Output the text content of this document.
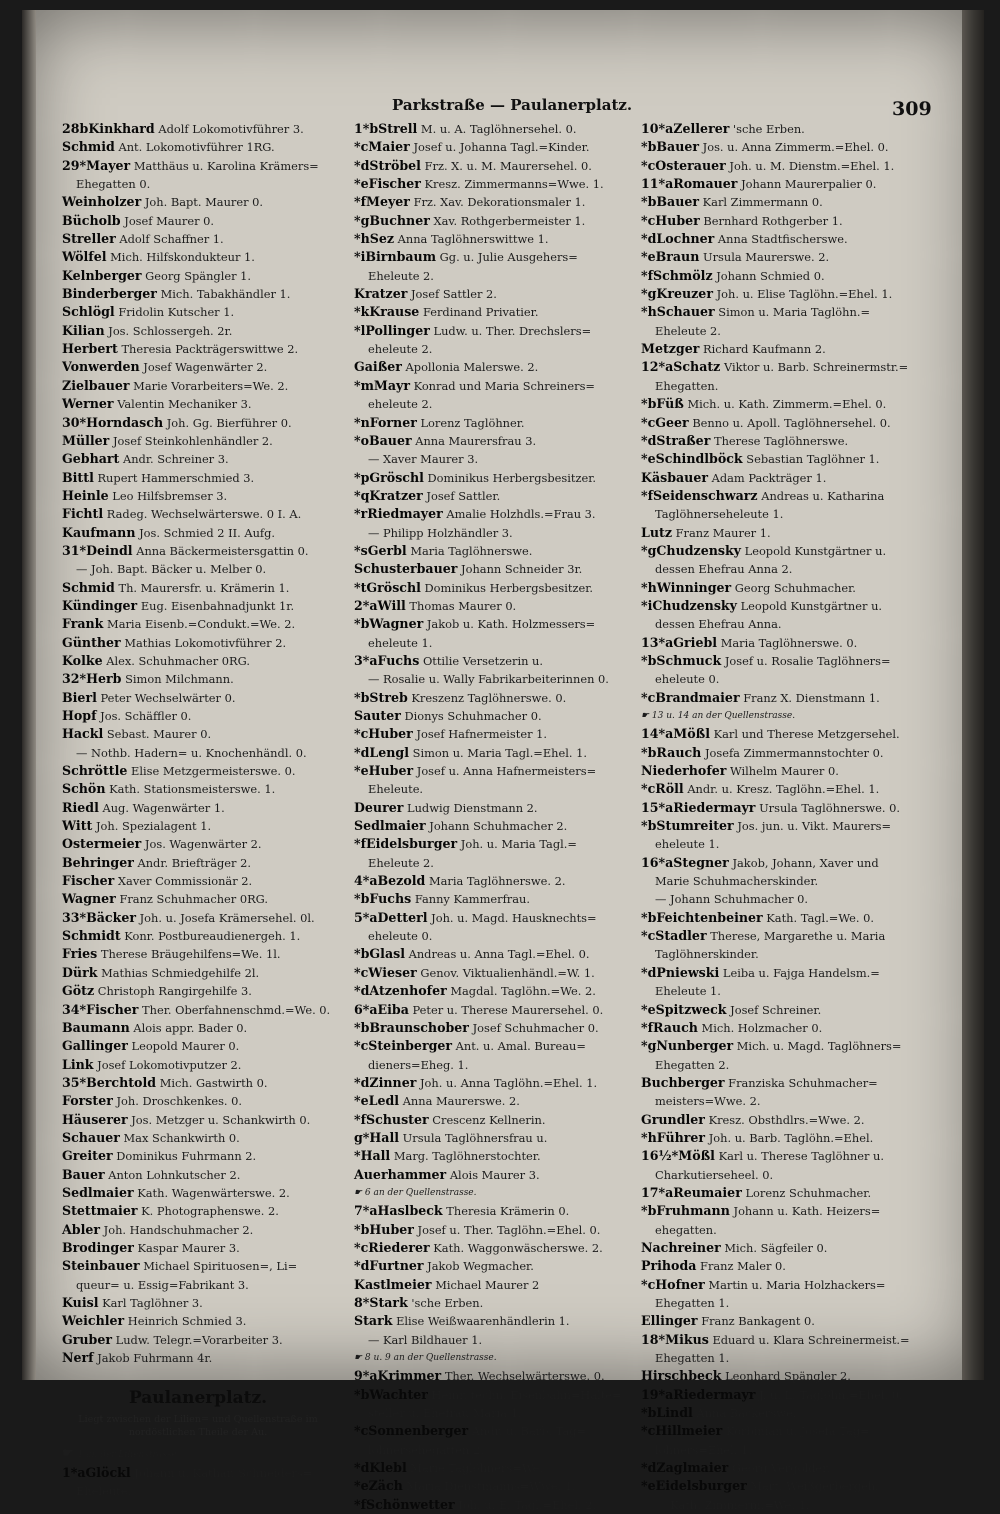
Parkstraße — Paulanerplatz.	309
28bKinkhard Adolf Lokomotivführer 3.
Schmid Ant. Lokomotivführer 1RG.
29*Mayer Matthäus u. Karolina Krämers=
Ehegatten 0.
Weinholzer Joh. Bapt. Maurer 0.
Bücholb Josef Maurer 0.
Streller Adolf Schaffner 1.
Wölfel Mich. Hilfskondukteur 1.
Kelnberger Georg Spängler 1.
Binderberger Mich. Tabakhändler 1.
Schlögl Fridolin Kutscher 1.
Kilian Jos. Schlossergeh. 2r.
Herbert Theresia Packträgerswittwe 2.
Vonwerden Josef Wagenwärter 2.
Zielbauer Marie Vorarbeiters=We. 2.
Werner Valentin Mechaniker 3.
30*Horndasch Joh. Gg. Bierführer 0.
Müller Josef Steinkohlenhändler 2.
Gebhart Andr. Schreiner 3.
Bittl Rupert Hammerschmied 3.
Heinle Leo Hilfsbremser 3.
Fichtl Radeg. Wechselwärterswe. 0 I. A.
Kaufmann Jos. Schmied 2 II. Aufg.
31*Deindl Anna Bäckermeistersgattin 0.
— Joh. Bapt. Bäcker u. Melber 0.
Schmid Th. Maurersfr. u. Krämerin 1.
Kündinger Eug. Eisenbahnadjunkt 1r.
Frank Maria Eisenb.=Condukt.=We. 2.
Günther Mathias Lokomotivführer 2.
Kolke Alex. Schuhmacher 0RG.
32*Herb Simon Milchmann.
Bierl Peter Wechselwärter 0.
Hopf Jos. Schäffler 0.
Hackl Sebast. Maurer 0.
— Nothb. Hadern= u. Knochenhändl. 0.
Schröttle Elise Metzgermeisterswe. 0.
Schön Kath. Stationsmeisterswe. 1.
Riedl Aug. Wagenwärter 1.
Witt Joh. Spezialagent 1.
Ostermeier Jos. Wagenwärter 2.
Behringer Andr. Briefträger 2.
Fischer Xaver Commissionär 2.
Wagner Franz Schuhmacher 0RG.
33*Bäcker Joh. u. Josefa Krämersehel. 0l.
Schmidt Konr. Postbureaudienergeh. 1.
Fries Therese Bräugehilfens=We. 1l.
Dürk Mathias Schmiedgehilfe 2l.
Götz Christoph Rangirgehilfe 3.
34*Fischer Ther. Oberfahnenschmd.=We. 0.
Baumann Alois appr. Bader 0.
Gallinger Leopold Maurer 0.
Link Josef Lokomotivputzer 2.
35*Berchtold Mich. Gastwirth 0.
Forster Joh. Droschkenkes. 0.
Häuserer Jos. Metzger u. Schankwirth 0.
Schauer Max Schankwirth 0.
Greiter Dominikus Fuhrmann 2.
Bauer Anton Lohnkutscher 2.
Sedlmaier Kath. Wagenwärterswe. 2.
Stettmaier K. Photographenswe. 2.
Abler Joh. Handschuhmacher 2.
Brodinger Kaspar Maurer 3.
Steinbauer Michael Spirituosen=, Li=
queur= u. Essig=Fabrikant 3.
Kuisl Karl Taglöhner 3.
Weichler Heinrich Schmied 3.
Gruber Ludw. Telegr.=Vorarbeiter 3.
Nerf Jakob Fuhrmann 4r.
Paulanerplatz.
Liegt zwischen der Lilien= und Quellenstraße im
nordöstlichen Theile der Au.
☛ 1 an der Lilienstrasse.
1*aGlöckl Johann u. Kathar. Schneiders=
Eheleute.
1*bStrell M. u. A. Taglöhnersehel. 0.
*cMaier Josef u. Johanna Tagl.=Kinder.
*dStröbel Frz. X. u. M. Maurersehel. 0.
*eFischer Kresz. Zimmermanns=Wwe. 1.
*fMeyer Frz. Xav. Dekorationsmaler 1.
*gBuchner Xav. Rothgerbermeister 1.
*hSez Anna Taglöhnerswittwe 1.
*iBirnbaum Gg. u. Julie Ausgehers=
Eheleute 2.
Kratzer Josef Sattler 2.
*kKrause Ferdinand Privatier.
*lPollinger Ludw. u. Ther. Drechslers=
eheleute 2.
Gaißer Apollonia Malerswe. 2.
*mMayr Konrad und Maria Schreiners=
eheleute 2.
*nForner Lorenz Taglöhner.
*oBauer Anna Maurersfrau 3.
— Xaver Maurer 3.
*pGröschl Dominikus Herbergsbesitzer.
*qKratzer Josef Sattler.
*rRiedmayer Amalie Holzhdls.=Frau 3.
— Philipp Holzhändler 3.
*sGerbl Maria Taglöhnerswe.
Schusterbauer Johann Schneider 3r.
*tGröschl Dominikus Herbergsbesitzer.
2*aWill Thomas Maurer 0.
*bWagner Jakob u. Kath. Holzmessers=
eheleute 1.
3*aFuchs Ottilie Versetzerin u.
— Rosalie u. Wally Fabrikarbeiterinnen 0.
*bStreb Kreszenz Taglöhnerswe. 0.
Sauter Dionys Schuhmacher 0.
*cHuber Josef Hafnermeister 1.
*dLengl Simon u. Maria Tagl.=Ehel. 1.
*eHuber Josef u. Anna Hafnermeisters=
Eheleute.
Deurer Ludwig Dienstmann 2.
Sedlmaier Johann Schuhmacher 2.
*fEidelsburger Joh. u. Maria Tagl.=
Eheleute 2.
4*aBezold Maria Taglöhnerswe. 2.
*bFuchs Fanny Kammerfrau.
5*aDetterl Joh. u. Magd. Hausknechts=
eheleute 0.
*bGlasl Andreas u. Anna Tagl.=Ehel. 0.
*cWieser Genov. Viktualienhändl.=W. 1.
*dAtzenhofer Magdal. Taglöhn.=We. 2.
6*aEiba Peter u. Therese Maurersehel. 0.
*bBraunschober Josef Schuhmacher 0.
*cSteinberger Ant. u. Amal. Bureau=
dieners=Eheg. 1.
*dZinner Joh. u. Anna Taglöhn.=Ehel. 1.
*eLedl Anna Maurerswe. 2.
*fSchuster Crescenz Kellnerin.
g*Hall Ursula Taglöhnersfrau u.
*Hall Marg. Taglöhnerstochter.
Auerhammer Alois Maurer 3.
☛ 6 an der Quellenstrasse.
7*aHaslbeck Theresia Krämerin 0.
*bHuber Josef u. Ther. Taglöhn.=Ehel. 0.
*cRiederer Kath. Waggonwäscherswe. 2.
*dFurtner Jakob Wegmacher.
Kastlmeier Michael Maurer 2
8*Stark 'sche Erben.
Stark Elise Weißwaarenhändlerin 1.
— Karl Bildhauer 1.
☛ 8 u. 9 an der Quellenstrasse.
9*aKrimmer Ther. Wechselwärterswe. 0.
*bWachter Heinr. techn. Eisenbahn=Halte=
steller u. Ehefrau Maria 1.
*cSonnenberger Andr. u. Barb. Tag=
löhnersehegatten 2.
*dKlebl Marie Taglöhners=We.
*eZäch Maria Dienstmanns=Wwe. 1.
*fSchönwetter Joh. u. E. Tagl.=Ehel. 2.
10*aZellerer 'sche Erben.
*bBauer Jos. u. Anna Zimmerm.=Ehel. 0.
*cOsterauer Joh. u. M. Dienstm.=Ehel. 1.
11*aRomauer Johann Maurerpalier 0.
*bBauer Karl Zimmermann 0.
*cHuber Bernhard Rothgerber 1.
*dLochner Anna Stadtfischerswe.
*eBraun Ursula Maurerswe. 2.
*fSchmölz Johann Schmied 0.
*gKreuzer Joh. u. Elise Taglöhn.=Ehel. 1.
*hSchauer Simon u. Maria Taglöhn.=
Eheleute 2.
Metzger Richard Kaufmann 2.
12*aSchatz Viktor u. Barb. Schreinermstr.=
Ehegatten.
*bFüß Mich. u. Kath. Zimmerm.=Ehel. 0.
*cGeer Benno u. Apoll. Taglöhnersehel. 0.
*dStraßer Therese Taglöhnerswe.
*eSchindlböck Sebastian Taglöhner 1.
Käsbauer Adam Packträger 1.
*fSeidenschwarz Andreas u. Katharina
Taglöhnerseheleute 1.
Lutz Franz Maurer 1.
*gChudzensky Leopold Kunstgärtner u.
dessen Ehefrau Anna 2.
*hWinninger Georg Schuhmacher.
*iChudzensky Leopold Kunstgärtner u.
dessen Ehefrau Anna.
13*aGriebl Maria Taglöhnerswe. 0.
*bSchmuck Josef u. Rosalie Taglöhners=
eheleute 0.
*cBrandmaier Franz X. Dienstmann 1.
☛ 13 u. 14 an der Quellenstrasse.
14*aMößl Karl und Therese Metzgersehel.
*bRauch Josefa Zimmermannstochter 0.
Niederhofer Wilhelm Maurer 0.
*cRöll Andr. u. Kresz. Taglöhn.=Ehel. 1.
15*aRiedermayr Ursula Taglöhnerswe. 0.
*bStumreiter Jos. jun. u. Vikt. Maurers=
eheleute 1.
16*aStegner Jakob, Johann, Xaver und
Marie Schuhmacherskinder.
— Johann Schuhmacher 0.
*bFeichtenbeiner Kath. Tagl.=We. 0.
*cStadler Therese, Margarethe u. Maria
Taglöhnerskinder.
*dPniewski Leiba u. Fajga Handelsm.=
Eheleute 1.
*eSpitzweck Josef Schreiner.
*fRauch Mich. Holzmacher 0.
*gNunberger Mich. u. Magd. Taglöhners=
Ehegatten 2.
Buchberger Franziska Schuhmacher=
meisters=Wwe. 2.
Grundler Kresz. Obsthdlrs.=Wwe. 2.
*hFührer Joh. u. Barb. Taglöhn.=Ehel.
16½*Mößl Karl u. Therese Taglöhner u.
Charkutierseheel. 0.
17*aReumaier Lorenz Schuhmacher.
*bFruhmann Johann u. Kath. Heizers=
ehegatten.
Nachreiner Mich. Sägfeiler 0.
Prihoda Franz Maler 0.
*cHofner Martin u. Maria Holzhackers=
Ehegatten 1.
Ellinger Franz Bankagent 0.
18*Mikus Eduard u. Klara Schreinermeist.=
Ehegatten 1.
Hirschbeck Leonhard Spängler 2.
19*aRiedermayr J. u. L. Taglöhn.=Ehel. 0.
*bLindl Anna Bäckerswe.
*cHillmeier Korbinian u. Josefa Tag=
löhners=Ehel. 1.
*dZaglmaier Georg Vergolder.
*eEidelsburger Mart. Weißgerbergeh.
— Kath. Zimmerm.=We. 1.
